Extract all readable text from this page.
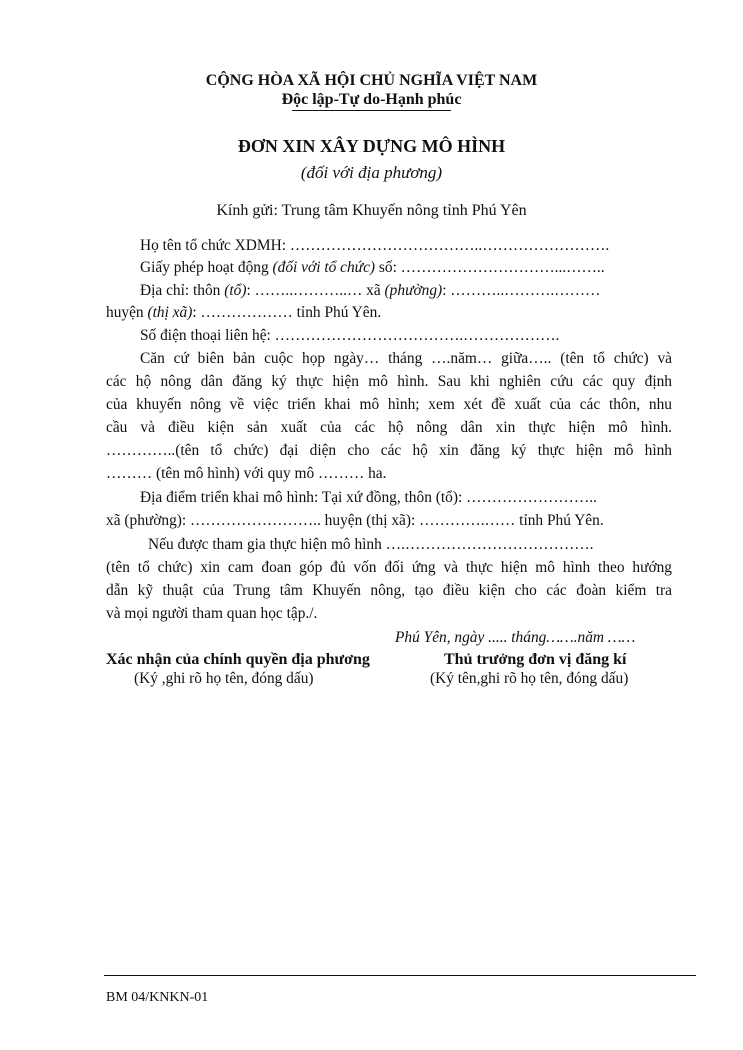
CỘNG HÒA XÃ HỘI CHỦ NGHĨA VIỆT NAM
Độc lập-Tự do-Hạnh phúc
ĐƠN XIN XÂY DỰNG MÔ HÌNH
(đối với địa phương)
Kính gửi: Trung tâm Khuyến nông tỉnh Phú Yên
Họ tên tổ chức XDMH: ………………………………..…………………….
Giấy phép hoạt động (đối với tổ chức) số: …………………………...……..
Địa chỉ: thôn (tổ): ……..………..… xã (phường): ………..……….………
huyện (thị xã): ……………… tỉnh Phú Yên.
Số điện thoại liên hệ: ……………………………….……………….
Căn cứ biên bản cuộc họp ngày… tháng ….năm… giữa….. (tên tổ chức) và
các hộ nông dân đăng ký thực hiện mô hình. Sau khi nghiên cứu các quy định
của khuyến nông về việc triển khai mô hình; xem xét đề xuất của các thôn, nhu
cầu và điều kiện sản xuất của các hộ nông dân xin thực hiện mô hình.
…………..(tên tổ chức) đại diện cho các hộ xin đăng ký thực hiện mô hình
……… (tên mô hình) với quy mô ……… ha.
Địa điểm triển khai mô hình: Tại xứ đồng, thôn (tổ): ……………………..
xã (phường): …………………….. huyện (thị xã): ………….…… tỉnh Phú Yên.
Nếu được tham gia thực hiện mô hình ….……………………………….
(tên tổ chức) xin cam đoan góp đủ vốn đối ứng và thực hiện mô hình theo hướng
dẫn kỹ thuật của Trung tâm Khuyến nông, tạo điều kiện cho các đoàn kiểm tra
và mọi người tham quan học tập./.
Phú Yên, ngày ..... tháng…….năm ……
Xác nhận của chính quyền địa phương
(Ký ,ghi rõ họ tên, đóng dấu)
Thủ trưởng đơn vị đăng kí
(Ký tên,ghi rõ họ tên, đóng dấu)
BM 04/KNKN-01
